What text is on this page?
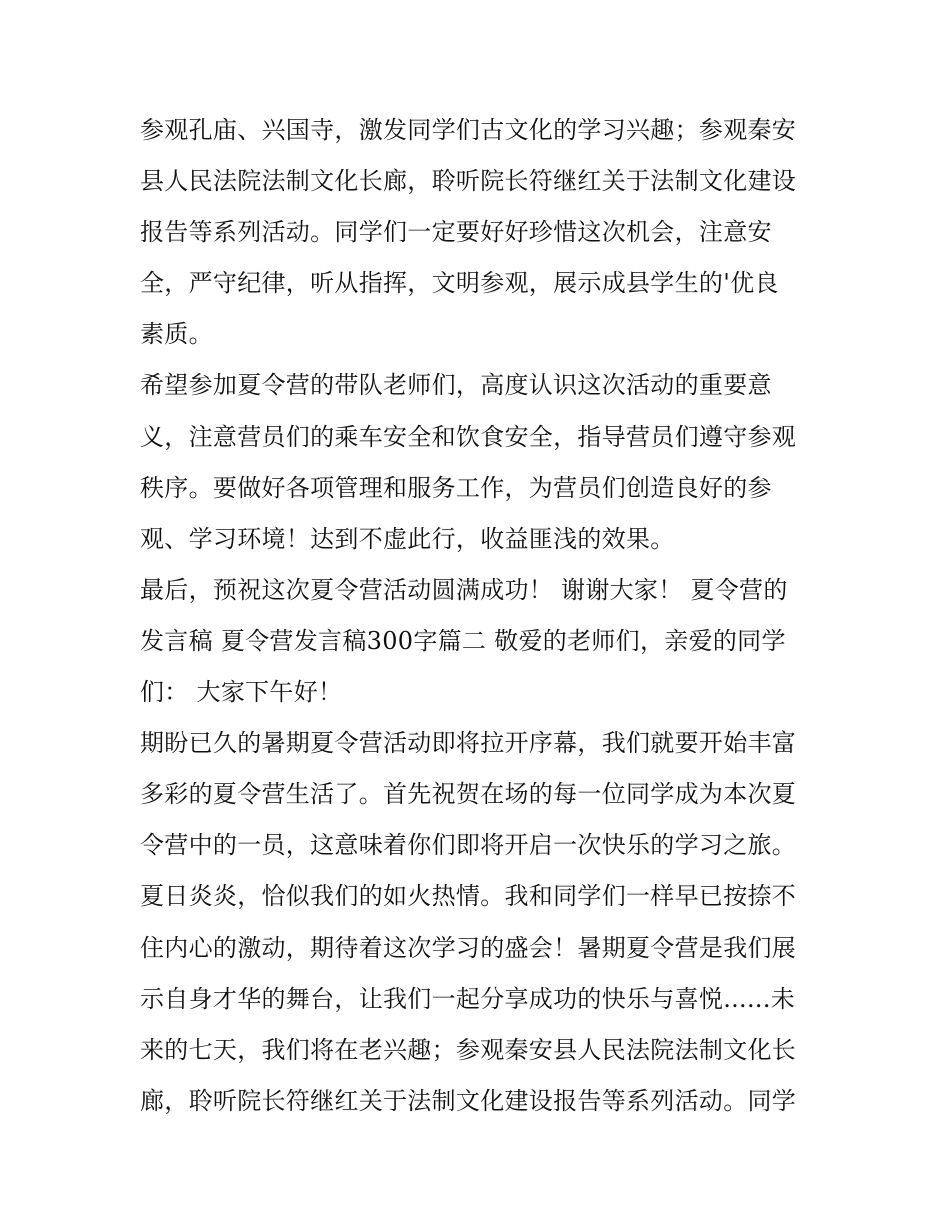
参观孔庙、兴国寺，激发同学们古文化的学习兴趣；参观秦安
县人民法院法制文化长廊，聆听院长符继红关于法制文化建设
报告等系列活动。同学们一定要好好珍惜这次机会，注意安
全，严守纪律，听从指挥，文明参观，展示成县学生的'优良
素质。
希望参加夏令营的带队老师们，高度认识这次活动的重要意
义，注意营员们的乘车安全和饮食安全，指导营员们遵守参观
秩序。要做好各项管理和服务工作，为营员们创造良好的参
观、学习环境！达到不虚此行，收益匪浅的效果。
最后，预祝这次夏令营活动圆满成功！ 谢谢大家！ 夏令营的
发言稿 夏令营发言稿300字篇二 敬爱的老师们，亲爱的同学
们： 大家下午好！
期盼已久的暑期夏令营活动即将拉开序幕，我们就要开始丰富
多彩的夏令营生活了。首先祝贺在场的每一位同学成为本次夏
令营中的一员，这意味着你们即将开启一次快乐的学习之旅。
夏日炎炎，恰似我们的如火热情。我和同学们一样早已按捺不
住内心的激动，期待着这次学习的盛会！暑期夏令营是我们展
示自身才华的舞台，让我们一起分享成功的快乐与喜悦......未
来的七天，我们将在老兴趣；参观秦安县人民法院法制文化长
廊，聆听院长符继红关于法制文化建设报告等系列活动。同学
